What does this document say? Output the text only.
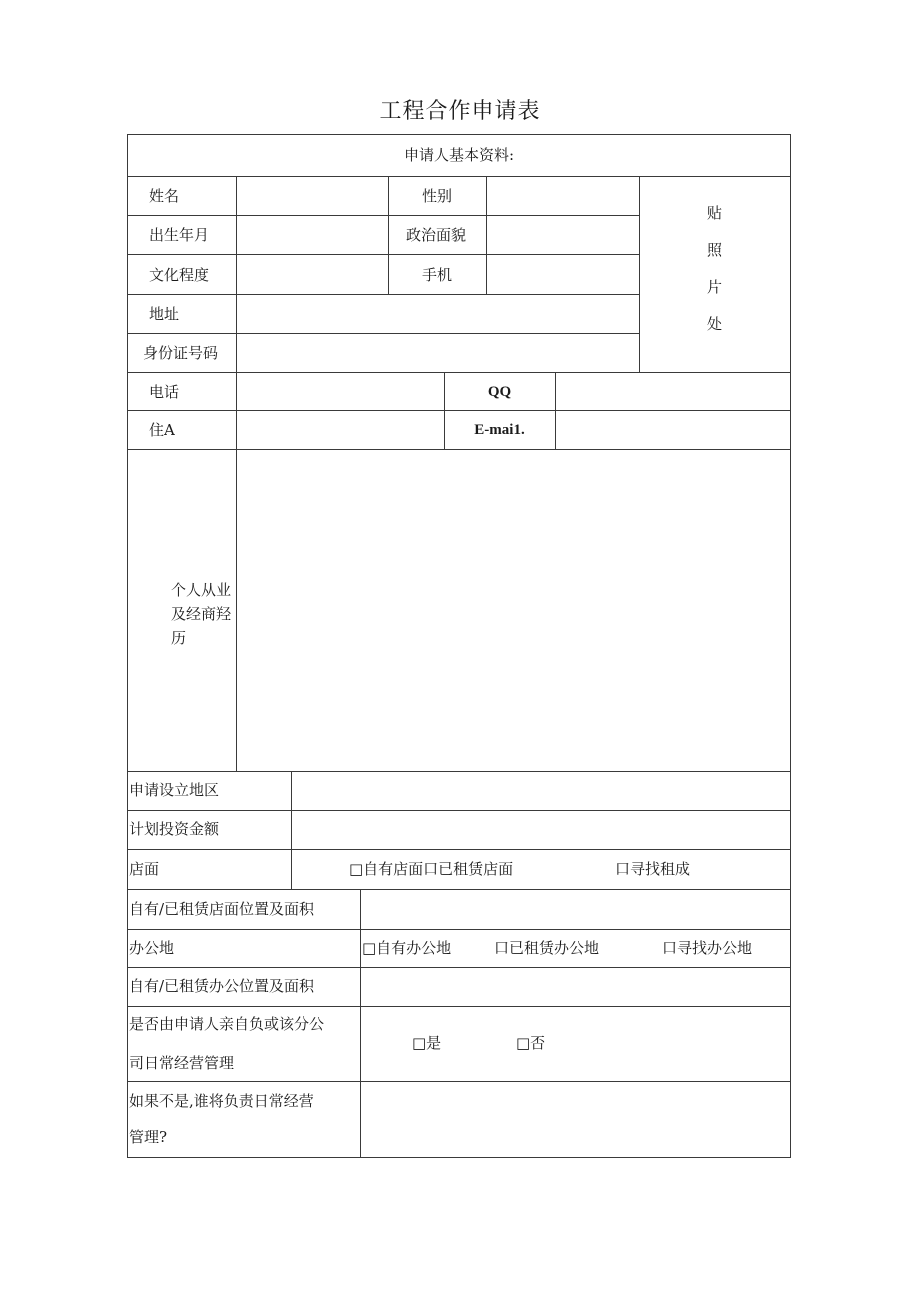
工程合作申请表
申请人基本资料:
姓名	性别
出生年月	政治面貌
文化程度	手机
地址
身份证号码
贴
照
片
处
电话	QQ
住A	E-mai1.
个人从业
及经商羟
历
申请设立地区
计划投资金额
店面	□自有店面口已租赁店面	口寻找租成
自有/已租赁店面位置及面积
办公地	□自有办公地	口已租赁办公地	口寻找办公地
自有/已租赁办公位置及面积
是否由申请人亲自负或该分公
司日常经营管理
□是	□否
如果不是,谁将负责日常经营
管理?
